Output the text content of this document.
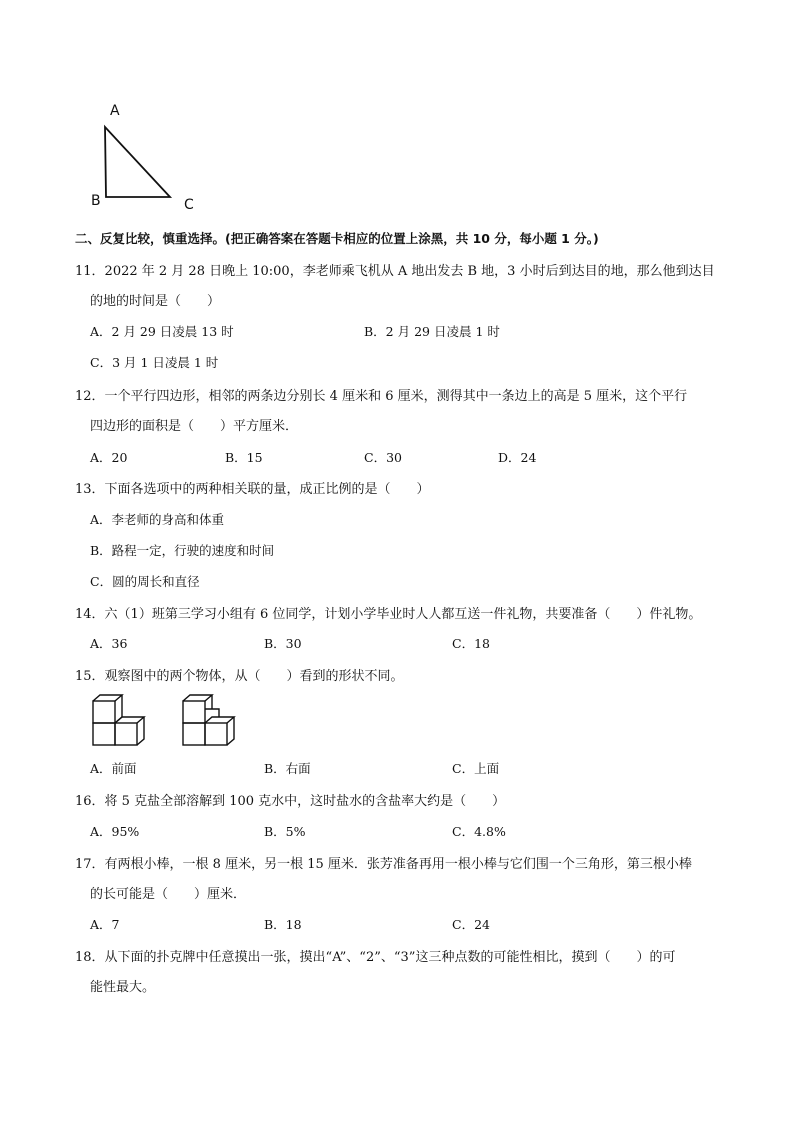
A
B	C
二、反复比较，慎重选择。(把正确答案在答题卡相应的位置上涂黑，共 10 分，每小题 1 分。)
11．2022 年 2 月 28 日晚上 10:00，李老师乘飞机从 A 地出发去 B 地，3 小时后到达目的地，那么他到达目
的地的时间是（　　）
A．2 月 29 日凌晨 13 时	B．2 月 29 日凌晨 1 时
C．3 月 1 日凌晨 1 时
12．一个平行四边形，相邻的两条边分别长 4 厘米和 6 厘米，测得其中一条边上的高是 5 厘米，这个平行
四边形的面积是（　　）平方厘米．
A．20	B．15	C．30	D．24
13．下面各选项中的两种相关联的量，成正比例的是（　　）
A．李老师的身高和体重
B．路程一定，行驶的速度和时间
C．圆的周长和直径
14．六（1）班第三学习小组有 6 位同学，计划小学毕业时人人都互送一件礼物，共要准备（　　）件礼物。
A．36	B．30	C．18
15．观察图中的两个物体，从（　　）看到的形状不同。
A．前面	B．右面	C．上面
16．将 5 克盐全部溶解到 100 克水中，这时盐水的含盐率大约是（　　）
A．95%	B．5%	C．4.8%
17．有两根小棒，一根 8 厘米，另一根 15 厘米．张芳准备再用一根小棒与它们围一个三角形，第三根小棒
的长可能是（　　）厘米．
A．7	B．18	C．24
18．从下面的扑克牌中任意摸出一张，摸出“A”、“2”、“3”这三种点数的可能性相比，摸到（　　）的可
能性最大。
